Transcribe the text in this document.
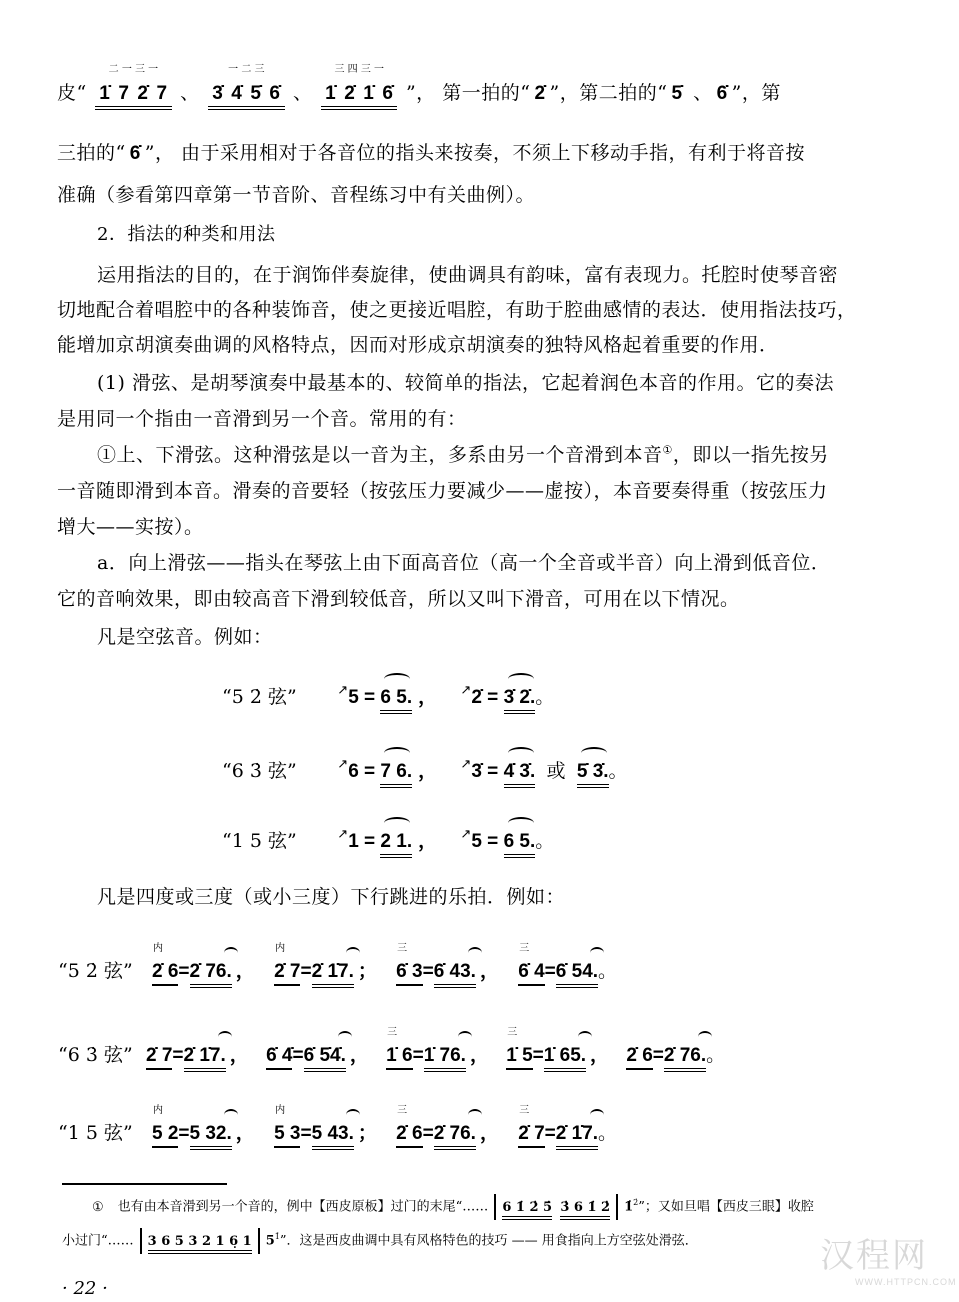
皮“
二 一 三 一
1̇ 7 2̇ 7 、
一 二 三
3̇ 4̇ 5̇ 6̇ 、
三 四 三 一
1̇ 2̇ 1̇ 6̇ ”， 第一拍的“ 2̇ ”，第二拍的“ 5̇ 、 6̇ ”，第
三拍的“ 6̇ ”， 由于采用相对于各音位的指头来按奏，不须上下移动手指，有利于将音按
准确（参看第四章第一节音阶、音程练习中有关曲例）。
2．指法的种类和用法
运用指法的目的，在于润饰伴奏旋律，使曲调具有韵味，富有表现力。托腔时使琴音密
切地配合着唱腔中的各种装饰音，使之更接近唱腔，有助于腔曲感情的表达．使用指法技巧，
能增加京胡演奏曲调的风格特点，因而对形成京胡演奏的独特风格起着重要的作用．
(1) 滑弦、是胡琴演奏中最基本的、较简单的指法，它起着润色本音的作用。它的奏法
是用同一个指由一音滑到另一个音。常用的有：
①上、下滑弦。这种滑弦是以一音为主，多系由另一个音滑到本音①，即以一指先按另
一音随即滑到本音。滑奏的音要轻（按弦压力要减少——虚按），本音要奏得重（按弦压力
增大——实按）。
a．向上滑弦——指头在琴弦上由下面高音位（高一个全音或半音）向上滑到低音位．
它的音响效果，即由较高音下滑到较低音，所以又叫下滑音，可用在以下情况。
凡是空弦音。例如：
“5 2̇ 弦”	↗5 =
6 5. ， ↗2̇ =
3̇ 2̇.。
“6 3̇ 弦”	↗6 =
7 6. ， ↗3̇ =
4̇ 3̇. 或 5̇ 3̇.。
“1 5 弦”	↗1 =
2 1. ， ↗5 =
6 5.。
凡是四度或三度（或小三度）下行跳进的乐拍．例如：
“5 2̇ 弦”
内
2̇ 6=
2̇ 76. ，
内
2̇ 7=
2̇ 1̇7. ；
三
6̇ 3=
6̇ 43. ，
三
6̇ 4=
6̇ 54.。
“6 3̇ 弦” 2̇ 7=
2̇ 1̇7. ， 6̇ 4̇=
6̇ 5̇4̇. ，
三
1̇ 6=
1̇ 76. ，
三
1̇ 5=
1̇ 65. ， 2̇ 6=
2̇ 76.。
“1 5 弦”
内
5 2=
5 32. ，
内
5 3=
5 43. ；
三
2̇ 6=
2̇ 76. ，
三
2̇ 7=
2̇ 1̇7.。
① 也有由本音滑到另一个音的，例中【西皮原板】过门的末尾“…… 6 1̇ 2̇ 5̇ 3̇ 6 1̇ 2̇ 1̇$^{2̇}$”；又如旦唱【西皮三眼】收腔
小过门“…… 3 6 5 3 2 1 6̣ 1 $5^{1̇}$”．这是西皮曲调中具有风格特色的技巧 —— 用食指向上方空弦处滑弦．	汉程网
WWW.HTTPCN.COM
· 22 ·
